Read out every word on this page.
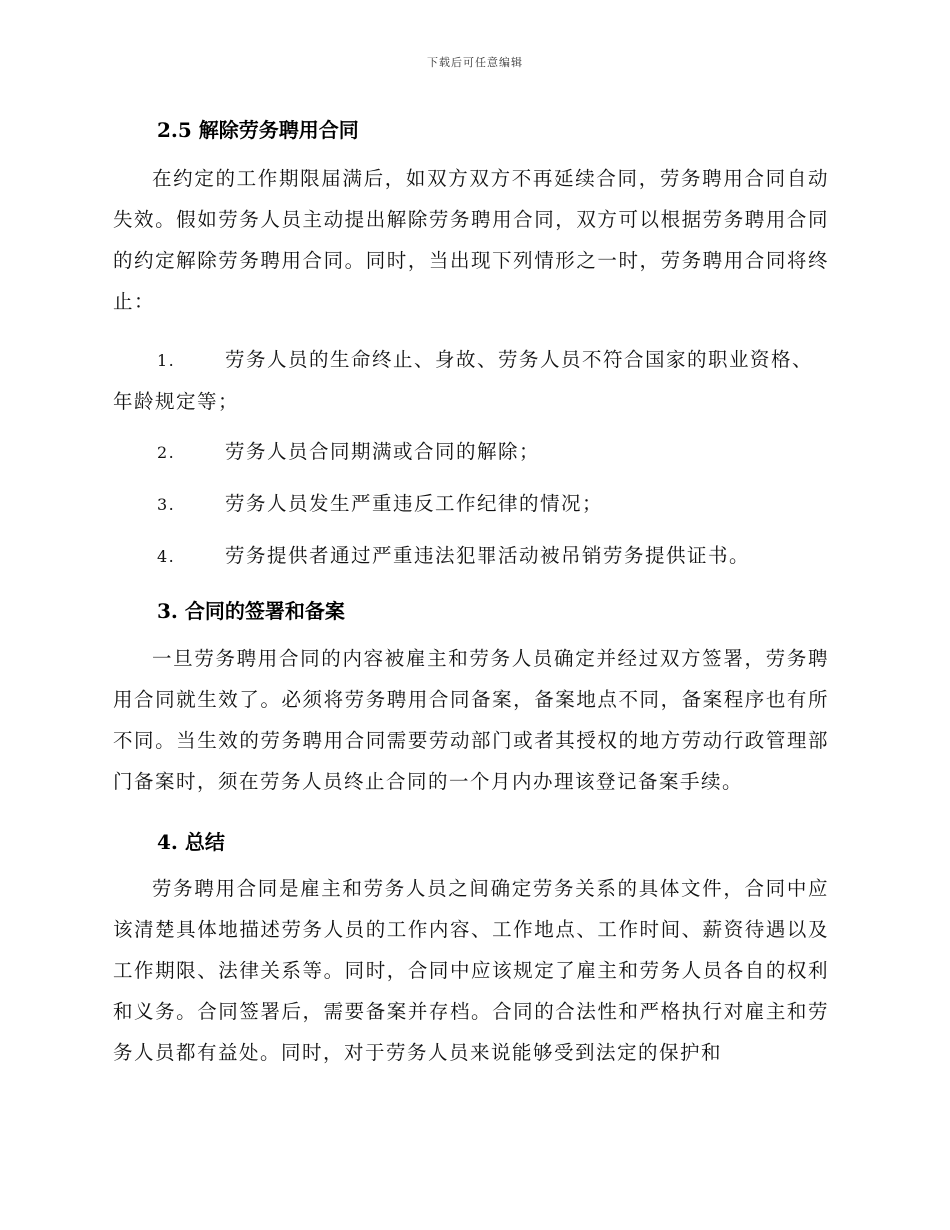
下载后可任意编辑
2.5 解除劳务聘用合同

在约定的工作期限届满后，如双方双方不再延续合同，劳务聘用合同自动失效。假如劳务人员主动提出解除劳务聘用合同，双方可以根据劳务聘用合同的约定解除劳务聘用合同。同时，当出现下列情形之一时，劳务聘用合同将终止：

1.	劳务人员的生命终止、身故、劳务人员不符合国家的职业资格、年龄规定等；

2.	劳务人员合同期满或合同的解除；

3.	劳务人员发生严重违反工作纪律的情况；

4.	劳务提供者通过严重违法犯罪活动被吊销劳务提供证书。

3. 合同的签署和备案

一旦劳务聘用合同的内容被雇主和劳务人员确定并经过双方签署，劳务聘用合同就生效了。必须将劳务聘用合同备案，备案地点不同，备案程序也有所不同。当生效的劳务聘用合同需要劳动部门或者其授权的地方劳动行政管理部门备案时，须在劳务人员终止合同的一个月内办理该登记备案手续。

4. 总结

劳务聘用合同是雇主和劳务人员之间确定劳务关系的具体文件，合同中应该清楚具体地描述劳务人员的工作内容、工作地点、工作时间、薪资待遇以及工作期限、法律关系等。同时，合同中应该规定了雇主和劳务人员各自的权利和义务。合同签署后，需要备案并存档。合同的合法性和严格执行对雇主和劳务人员都有益处。同时，对于劳务人员来说能够受到法定的保护和
